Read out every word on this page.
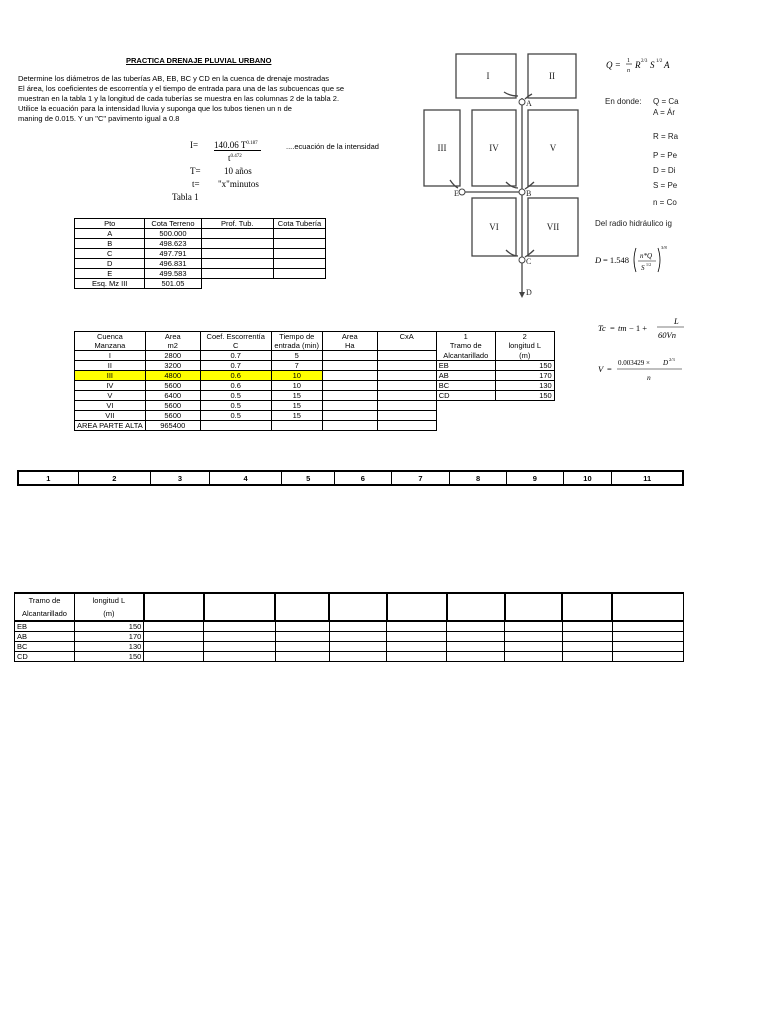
PRACTICA DRENAJE PLUVIAL URBANO
Determine los diámetros de las tuberías AB, EB, BC y CD en la cuenca de drenaje mostradas
El área, los coeficientes de escorrentía y el tiempo de entrada para una de las subcuencas que se
muestran en la tabla 1 y la longitud de cada tuberías se muestra en las columnas 2 de la tabla 2.
Utilice la ecuación para la intensidad lluvia y suponga que los tubos tienen un n de
maning de 0.015. Y un "C" pavimento igual a 0.8
I= 140.06 $T^{0.187}$
$t^{0.472}$
....ecuación de la intensidad
T=	10 años
t= "x"minutos
Tabla 1
Pto	Cota Terreno	Prof. Tub.	Cota Tubería
A	500.000		
B	498.623		
C	497.791		
D	496.831		
E	499.583		
Esq. Mz III	501.05		
Cuenca	Area	Coef. Escorrentía	Tiempo de	Area	CxA	1	2
Manzana	m2	C	entrada (min)	Ha		Tramo de	longitud L
I	2800	0.7	5			Alcantarillado	(m)
II	3200	0.7	7			EB	150
III	4800	0.6	10			AB	170
IV	5600	0.6	10			BC	130
V	6400	0.5	15			CD	150
VI	5600	0.5	15				
VII	5600	0.5	15				
AREA PARTE ALTA	965400						
1	2	3	4	5	6	7	8	9	10	11
Tramo de
Alcantarillado	longitud L
(m)									
EB	150									
AB	170									
BC	130									
CD	150									
I	II
III	IV	V
VI	VII
A
B
C
D
E
Q = 1
n
R 2/3 S 1/2 A
En donde: Q = Ca
A = Ár
R = Ra
P = Pe
D = Di
S = Pe
n = Co
Del radio hidráulico ig
D = 1.548 n*Q
S 1/2
3/8
Tc = tm − 1 +
L
60Vn
V =
0.003429 × D 2/3
n
